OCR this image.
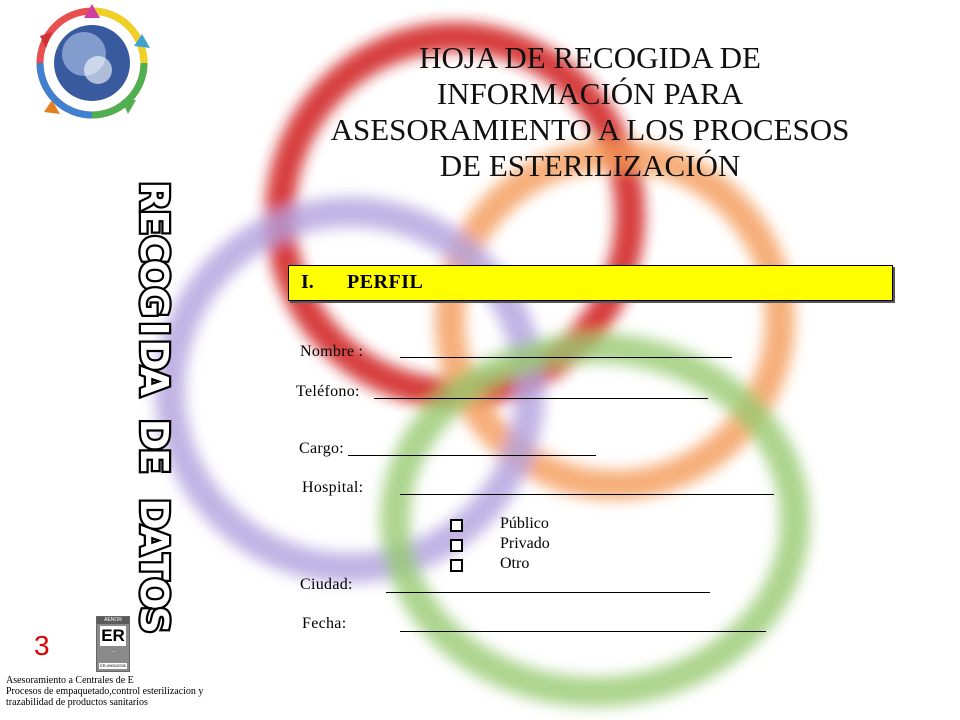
HOJA DE RECOGIDA DE
INFORMACIÓN PARA
ASESORAMIENTO A LOS PROCESOS
DE ESTERILIZACIÓN
R
E
C
O
G
I
D
A
D
E
D
A
T
O
S
I. PERFIL
Nombre :
Teléfono:
Cargo:
Hospital:
Público
Privado
Otro
Ciudad:
Fecha:
3
AENOR
ER
—
ER-0900/2005
Asesoramiento a Centrales de E
Procesos de empaquetado,control esterilizacion y
trazabilidad de productos sanitarios
